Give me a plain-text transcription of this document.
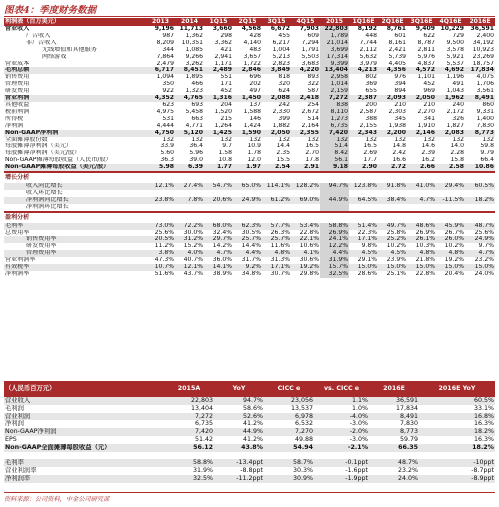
图表4：季度财务数据
利润表（百万美元）	2013	2014	1Q15	2Q15	3Q15	4Q15	2015	1Q16E	2Q16E	3Q16E	4Q16E	2016E
营业收入	9,196	11,713	3,660	4,568	6,672	7,903	22,803	8,192	8,761	9,409	10,229	36,591
广告收入	987	1,362	298	428	455	609	1,789	448	601	622	729	2,400
非广告收入	8,209	10,351	3,362	4,140	6,217	7,294	21,014	7,744	8,161	8,787	9,500	34,192
无线增值和其他服务	344	1,085	421	483	1,004	1,791	3,699	2,112	2,421	2,811	3,578	10,923
网络游戏	7,864	9,266	2,941	3,657	5,213	5,503	17,314	5,632	5,739	5,976	5,921	23,269
营业成本	2,479	3,262	1,171	1,722	2,823	3,683	9,399	3,979	4,405	4,837	5,537	18,757
毛利总额	6,717	8,451	2,489	2,846	3,849	4,220	13,404	4,213	4,356	4,572	4,692	17,834
销售费用	1,094	1,895	551	696	818	893	2,958	802	976	1,101	1,196	4,075
管理费用	350	466	171	202	320	322	1,014	369	394	452	491	1,706
研发费用	922	1,323	452	497	624	587	2,159	655	894	969	1,043	3,561
营业利润	4,352	4,765	1,316	1,450	2,088	2,418	7,272	2,387	2,093	2,050	1,962	8,491
其他收益	623	693	204	137	242	254	838	200	210	210	240	860
税前利润	4,975	5,458	1,520	1,588	2,330	2,672	8,110	2,587	2,303	2,270	2,172	9,331
所得税	531	663	215	146	399	514	1,273	388	345	341	326	1,400
净利润	4,444	4,771	1,264	1,424	1,882	2,164	6,735	2,155	1,938	1,910	1,827	7,830
Non-GAAP净利润	4,750	5,120	1,425	1,590	2,050	2,355	7,420	2,343	2,200	2,146	2,083	8,773
全面摊薄股份数	132	132	132	132	132	132	132	132	132	132	132	132
每股摊薄净利润（美元）	33.9	36.4	9.7	10.9	14.4	16.5	51.4	16.5	14.8	14.6	14.0	59.8
每股摊薄净利润（美元/股）	5.60	5.96	1.58	1.78	2.35	2.70	8.42	2.69	2.42	2.39	2.28	9.79
Non-GAAP摊薄每股收益（人民币/股）	36.3	39.0	10.8	12.0	15.5	17.8	56.1	17.7	16.6	16.2	15.8	66.4
Non-GAAP摊薄每股收益（美元/股）	5.98	6.39	1.77	1.97	2.54	2.91	9.18	2.90	2.72	2.66	2.58	10.86
增长分析												
收入同比增长	12.1%	27.4%	54.7%	65.0%	114.1%	128.2%	94.7%	123.8%	91.8%	41.0%	29.4%	60.5%
收入环比增长												
净利润同比增长	23.8%	7.8%	20.6%	24.9%	61.2%	69.0%	44.9%	64.5%	38.4%	4.7%	-11.5%	18.2%
净利润环比增长												
盈利分析												
毛利率	73.0%	72.2%	68.0%	62.3%	57.7%	53.4%	58.8%	51.4%	49.7%	48.6%	45.9%	48.7%
总费用率	25.6%	30.0%	32.4%	30.5%	26.3%	22.8%	26.9%	22.3%	25.8%	26.9%	26.7%	25.6%
销售费用率	20.5%	31.2%	29.7%	25.7%	25.7%	22.1%	24.1%	17.1%	25.2%	26.1%	26.0%	24.9%
研发费用率	11.2%	15.2%	14.2%	14.4%	11.6%	10.6%	12.2%	9.8%	10.2%	10.3%	10.2%	9.7%
管理费用率	3.8%	4.0%	4.7%	4.4%	4.8%	4.1%	4.4%	4.5%	4.5%	4.8%	4.8%	4.7%
营业利润率	47.3%	40.7%	36.0%	31.7%	31.3%	30.6%	31.9%	29.1%	23.9%	21.8%	19.2%	23.2%
有效税率	10.7%	12.1%	14.1%	9.2%	17.1%	19.2%	15.7%	15.0%	15.0%	15.0%	15.0%	15.0%
净利润率	51.6%	43.7%	38.9%	34.8%	30.7%	29.8%	32.5%	28.6%	25.1%	22.8%	20.4%	24.0%
（人民币百万元）	2015A	YoY	CICC e	vs. CICC e	2016E	2016E YoY
营业收入	22,803	94.7%	23,056	1.1%	36,591	60.5%
毛利润	13,404	58.6%	13,537	1.0%	17,834	33.1%
营业利润	7,272	52.6%	6,978	-4.0%	8,491	16.8%
净利润	6,735	41.2%	6,532	-3.0%	7,830	16.3%
Non-GAAP净利润	7,420	44.9%	7,270	-2.0%	8,773	18.2%
EPS	51.42	41.2%	49.88	-3.0%	59.79	16.3%
Non-GAAP全面摊薄每股收益（元）	56.12	43.8%	54.94	-2.1%	66.35	18.2%

毛利率	58.8%	-13.4ppt	58.7%	-0.1ppt	48.7%	-10ppt
营业利润率	31.9%	-8.8ppt	30.3%	-1.6ppt	23.2%	-8.7ppt
净利润率	32.5%	-11.2ppt	30.9%	-1.9ppt	24.0%	-8.9ppt
资料来源：公司资料，中金公司研究部
